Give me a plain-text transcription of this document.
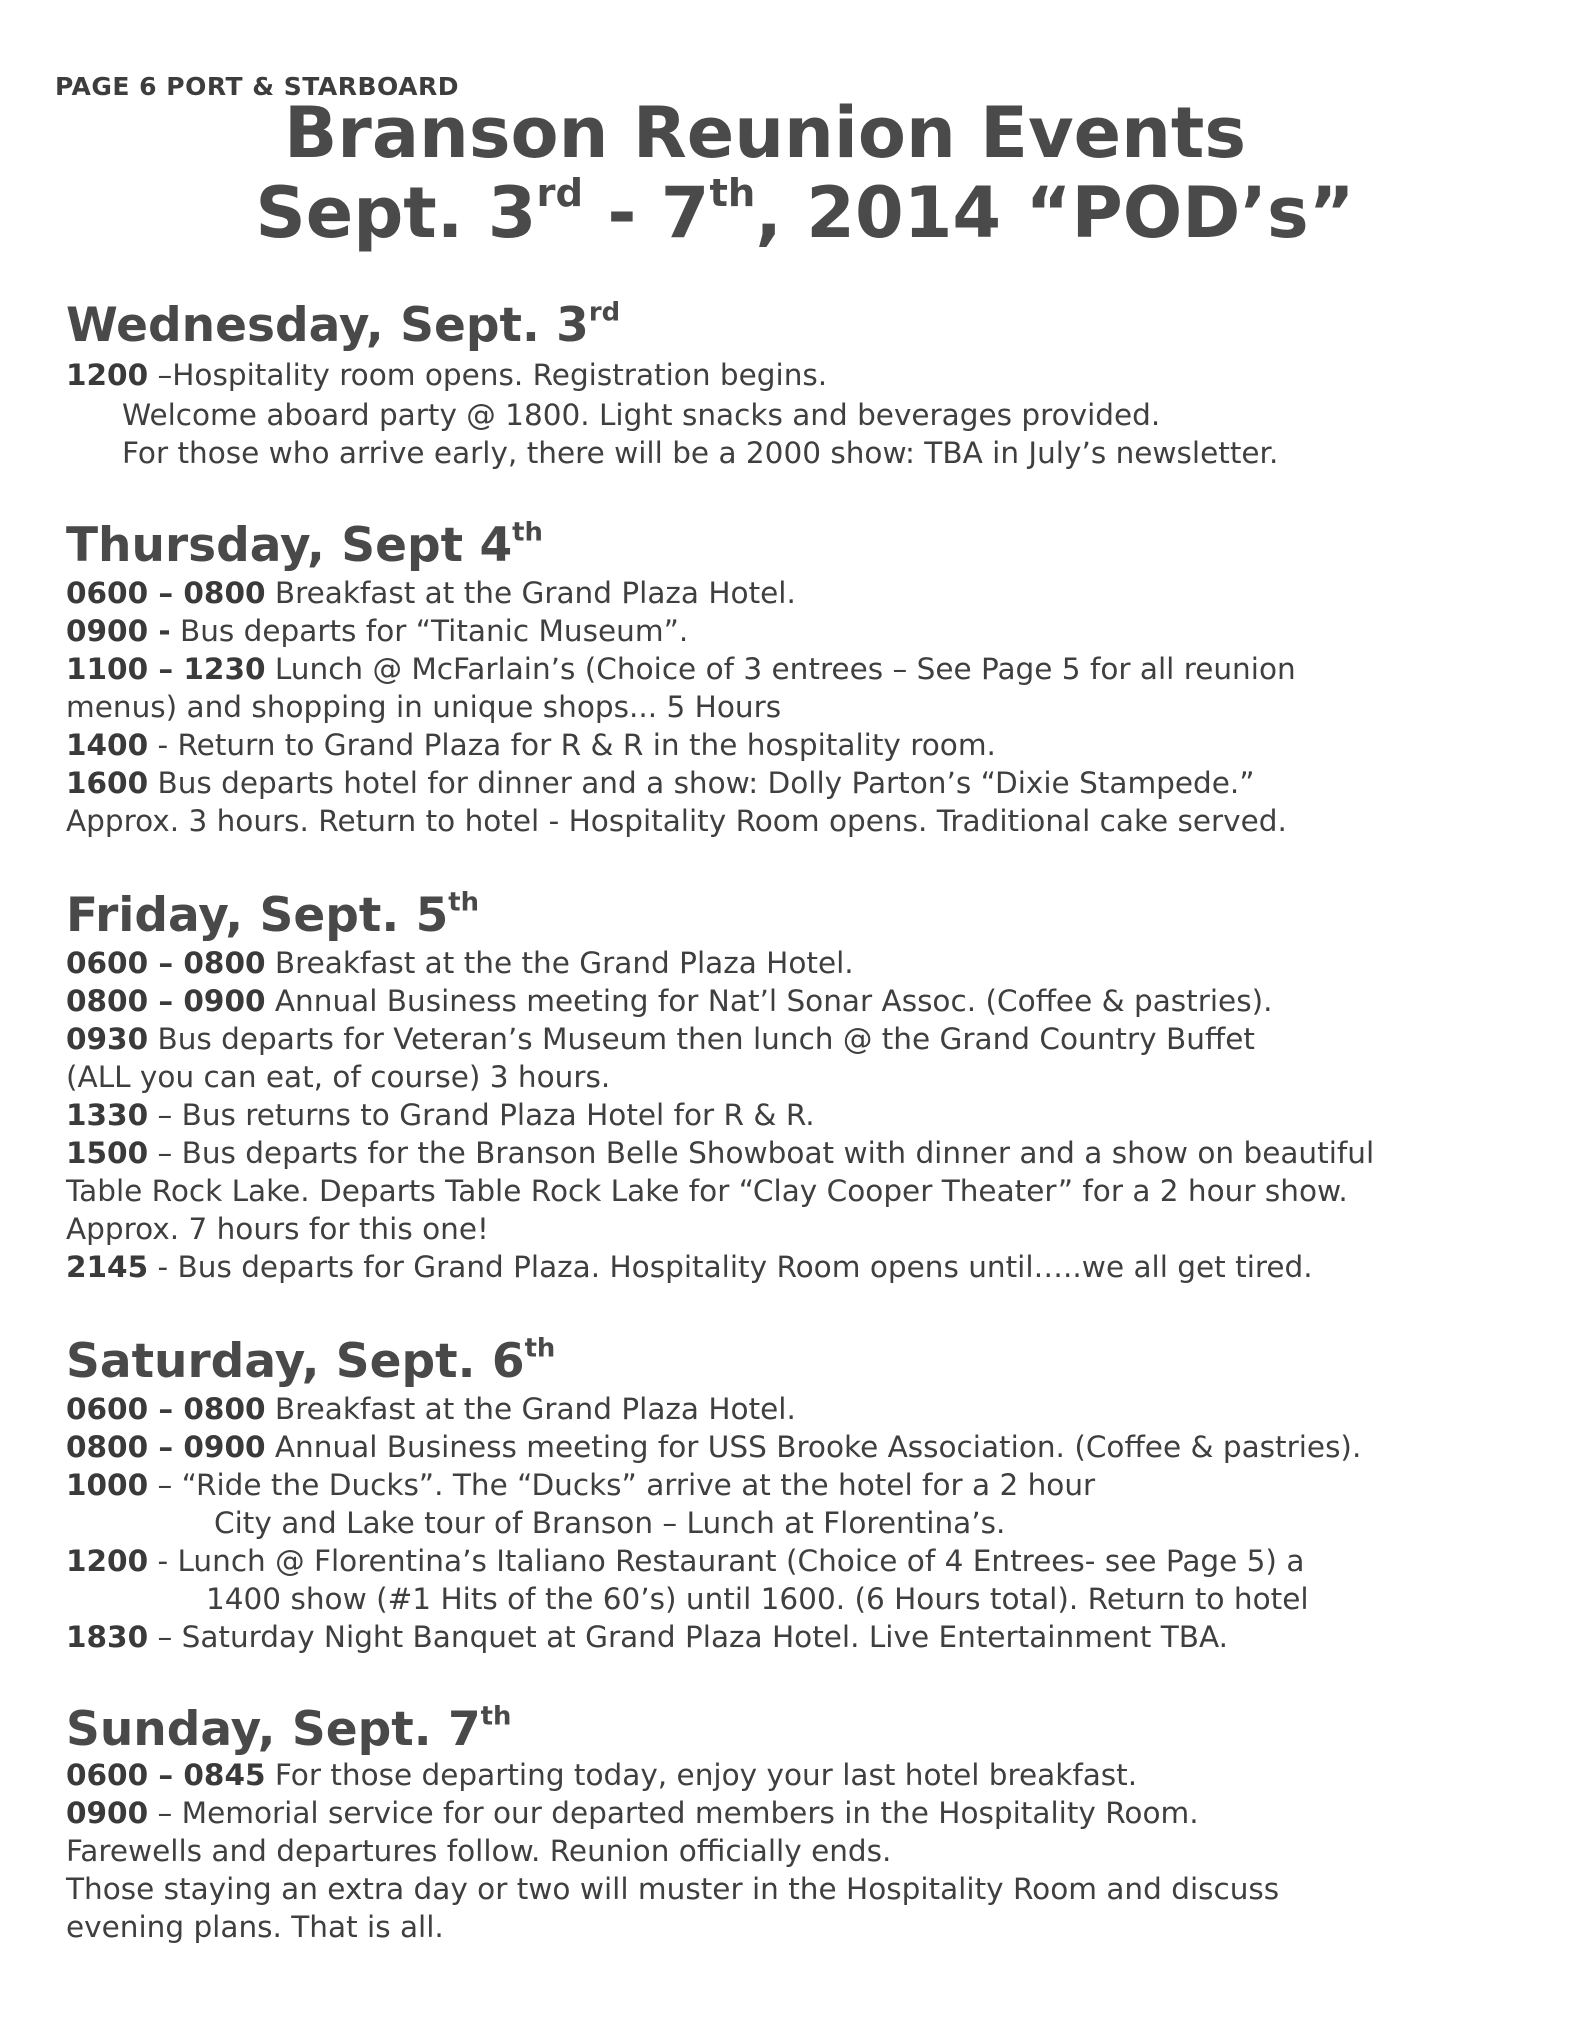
PAGE 6 PORT & STARBOARD
Branson Reunion Events
Sept. 3rd - 7th, 2014 “POD’s”
Wednesday, Sept. 3rd
1200 –Hospitality room opens. Registration begins.
Welcome aboard party @ 1800. Light snacks and beverages provided.
For those who arrive early, there will be a 2000 show: TBA in July’s newsletter.
Thursday, Sept 4th
0600 – 0800 Breakfast at the Grand Plaza Hotel.
0900 - Bus departs for “Titanic Museum”.
1100 – 1230 Lunch @ McFarlain’s (Choice of 3 entrees – See Page 5 for all reunion
menus) and shopping in unique shops... 5 Hours
1400 - Return to Grand Plaza for R & R in the hospitality room.
1600 Bus departs hotel for dinner and a show: Dolly Parton’s “Dixie Stampede.”
Approx. 3 hours. Return to hotel - Hospitality Room opens. Traditional cake served.
Friday, Sept. 5th
0600 – 0800 Breakfast at the the Grand Plaza Hotel.
0800 – 0900 Annual Business meeting for Nat’l Sonar Assoc. (Coffee & pastries).
0930 Bus departs for Veteran’s Museum then lunch @ the Grand Country Buffet
(ALL you can eat, of course) 3 hours.
1330 – Bus returns to Grand Plaza Hotel for R & R.
1500 – Bus departs for the Branson Belle Showboat with dinner and a show on beautiful
Table Rock Lake. Departs Table Rock Lake for “Clay Cooper Theater” for a 2 hour show.
Approx. 7 hours for this one!
2145 - Bus departs for Grand Plaza. Hospitality Room opens until…..we all get tired.
Saturday, Sept. 6th
0600 – 0800 Breakfast at the Grand Plaza Hotel.
0800 – 0900 Annual Business meeting for USS Brooke Association. (Coffee & pastries).
1000 – “Ride the Ducks”. The “Ducks” arrive at the hotel for a 2 hour
City and Lake tour of Branson – Lunch at Florentina’s.
1200 - Lunch @ Florentina’s Italiano Restaurant (Choice of 4 Entrees- see Page 5) a
1400 show (#1 Hits of the 60’s) until 1600. (6 Hours total). Return to hotel
1830 – Saturday Night Banquet at Grand Plaza Hotel. Live Entertainment TBA.
Sunday, Sept. 7th
0600 – 0845 For those departing today, enjoy your last hotel breakfast.
0900 – Memorial service for our departed members in the Hospitality Room.
Farewells and departures follow. Reunion officially ends.
Those staying an extra day or two will muster in the Hospitality Room and discuss
evening plans. That is all.
